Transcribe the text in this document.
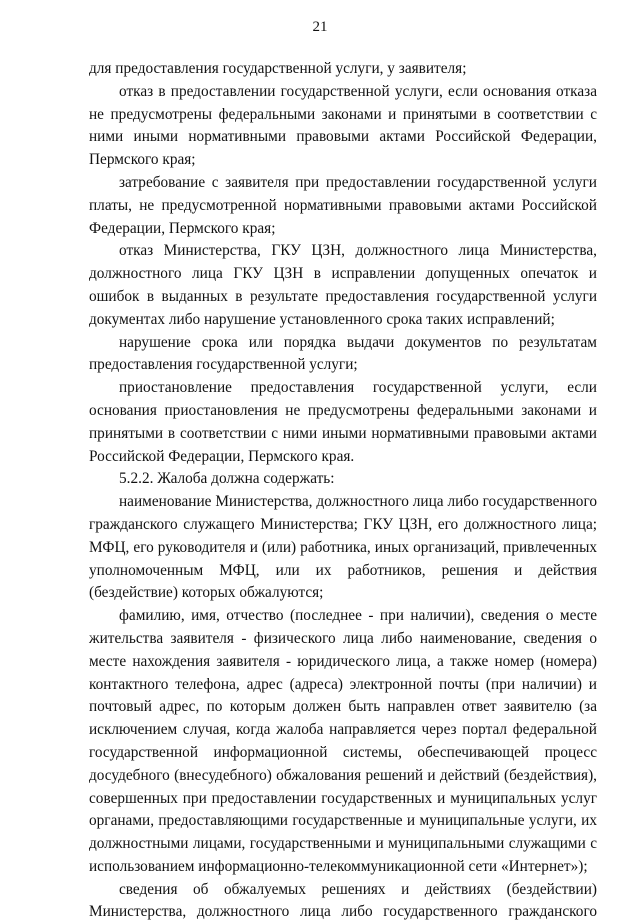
21

для предоставления государственной услуги, у заявителя;

отказ в предоставлении государственной услуги, если основания отказа не предусмотрены федеральными законами и принятыми в соответствии с ними иными нормативными правовыми актами Российской Федерации, Пермского края;

затребование с заявителя при предоставлении государственной услуги платы, не предусмотренной нормативными правовыми актами Российской Федерации, Пермского края;

отказ Министерства, ГКУ ЦЗН, должностного лица Министерства, должностного лица ГКУ ЦЗН в исправлении допущенных опечаток и ошибок в выданных в результате предоставления государственной услуги документах либо нарушение установленного срока таких исправлений;

нарушение срока или порядка выдачи документов по результатам предоставления государственной услуги;

приостановление предоставления государственной услуги, если основания приостановления не предусмотрены федеральными законами и принятыми в соответствии с ними иными нормативными правовыми актами Российской Федерации, Пермского края.

5.2.2. Жалоба должна содержать:

наименование Министерства, должностного лица либо государственного гражданского служащего Министерства; ГКУ ЦЗН, его должностного лица; МФЦ, его руководителя и (или) работника, иных организаций, привлеченных уполномоченным МФЦ, или их работников, решения и действия (бездействие) которых обжалуются;

фамилию, имя, отчество (последнее - при наличии), сведения о месте жительства заявителя - физического лица либо наименование, сведения о месте нахождения заявителя - юридического лица, а также номер (номера) контактного телефона, адрес (адреса) электронной почты (при наличии) и почтовый адрес, по которым должен быть направлен ответ заявителю (за исключением случая, когда жалоба направляется через портал федеральной государственной информационной системы, обеспечивающей процесс досудебного (внесудебного) обжалования решений и действий (бездействия), совершенных при предоставлении государственных и муниципальных услуг органами, предоставляющими государственные и муниципальные услуги, их должностными лицами, государственными и муниципальными служащими с использованием информационно-телекоммуникационной сети «Интернет»);

сведения об обжалуемых решениях и действиях (бездействии) Министерства, должностного лица либо государственного гражданского
